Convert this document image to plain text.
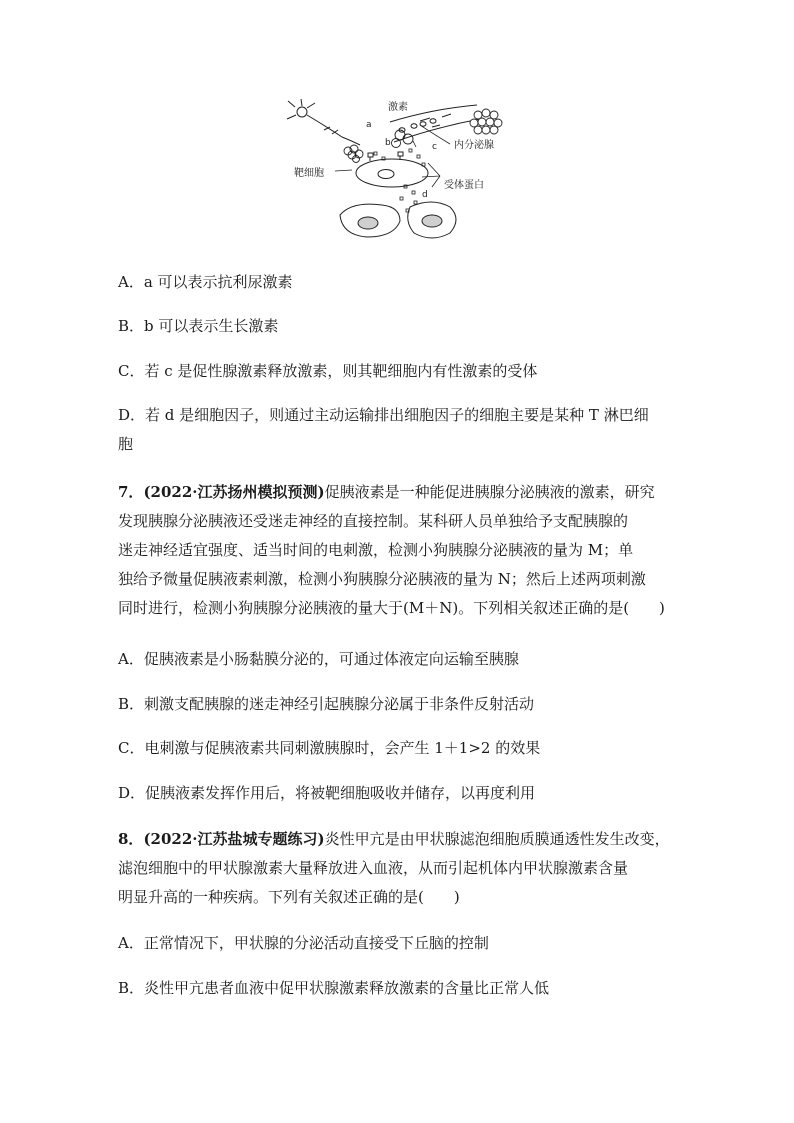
激素
内分泌腺
靶细胞
受体蛋白
a
b	c
d
A．a 可以表示抗利尿激素
B．b 可以表示生长激素
C．若 c 是促性腺激素释放激素，则其靶细胞内有性激素的受体
D．若 d 是细胞因子，则通过主动运输排出细胞因子的细胞主要是某种 T 淋巴细
胞
7．(2022·江苏扬州模拟预测)促胰液素是一种能促进胰腺分泌胰液的激素，研究
发现胰腺分泌胰液还受迷走神经的直接控制。某科研人员单独给予支配胰腺的
迷走神经适宜强度、适当时间的电刺激，检测小狗胰腺分泌胰液的量为 M；单
独给予微量促胰液素刺激，检测小狗胰腺分泌胰液的量为 N；然后上述两项刺激
同时进行，检测小狗胰腺分泌胰液的量大于(M＋N)。下列相关叙述正确的是(　　)
A．促胰液素是小肠黏膜分泌的，可通过体液定向运输至胰腺
B．刺激支配胰腺的迷走神经引起胰腺分泌属于非条件反射活动
C．电刺激与促胰液素共同刺激胰腺时，会产生 1＋1>2 的效果
D．促胰液素发挥作用后，将被靶细胞吸收并储存，以再度利用
8．(2022·江苏盐城专题练习)炎性甲亢是由甲状腺滤泡细胞质膜通透性发生改变，
滤泡细胞中的甲状腺激素大量释放进入血液，从而引起机体内甲状腺激素含量
明显升高的一种疾病。下列有关叙述正确的是(　　)
A．正常情况下，甲状腺的分泌活动直接受下丘脑的控制
B．炎性甲亢患者血液中促甲状腺激素释放激素的含量比正常人低
